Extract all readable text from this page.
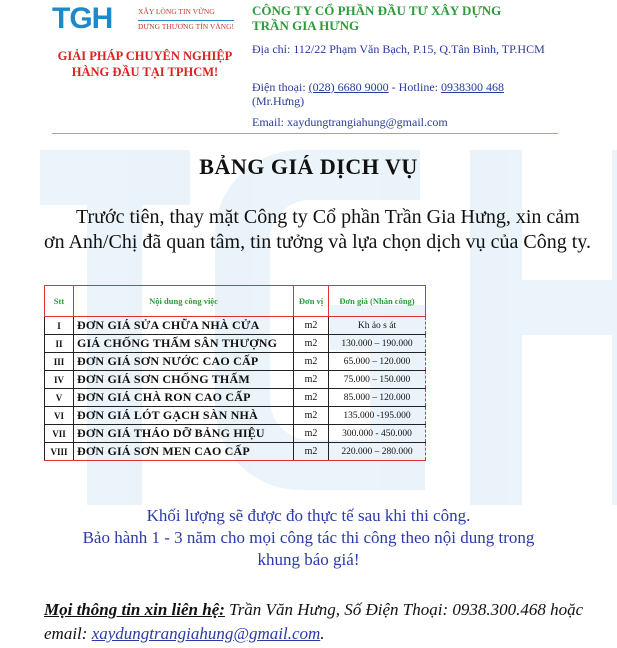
TGH	XÂY LÒNG TIN VỮNG
DỰNG THƯƠNG TÍN VÀNG!
GIẢI PHÁP CHUYÊN NGHIỆP
HÀNG ĐẦU TẠI TPHCM!
CÔNG TY CỔ PHẦN ĐẦU TƯ XÂY DỰNG
TRẦN GIA HƯNG
Địa chỉ: 112/22 Phạm Văn Bạch, P.15, Q.Tân Bình, TP.HCM
Điện thoại: (028) 6680 9000 - Hotline: 0938300 468 (Mr.Hưng)
Email: xaydungtrangiahung@gmail.com
BẢNG GIÁ DỊCH VỤ
Trước tiên, thay mặt Công ty Cổ phần Trần Gia Hưng, xin cảm ơn Anh/Chị đã quan tâm, tin tưởng và lựa chọn dịch vụ của Công ty.
Stt	Nội dung công việc	Đơn vị	Đơn giá (Nhân công)
I	ĐƠN GIÁ SỬA CHỮA NHÀ CỬA	m2	Kh ảo s át
II	GIÁ CHỐNG THẤM SÂN THƯỢNG	m2	130.000 – 190.000
III	ĐƠN GIÁ SƠN NƯỚC CAO CẤP	m2	65.000 – 120.000
IV	ĐƠN GIÁ SƠN CHỐNG THẤM	m2	75.000 – 150.000
V	ĐƠN GIÁ CHÀ RON CAO CẤP	m2	85.000 – 120.000
VI	ĐƠN GIÁ LÓT GẠCH SÀN NHÀ	m2	135.000 -195.000
VII	ĐƠN GIÁ THÁO DỠ BẢNG HIỆU	m2	300.000 - 450.000
VIII	ĐƠN GIÁ SƠN MEN CAO CẤP	m2	220.000 – 280.000
Khối lượng sẽ được đo thực tế sau khi thi công.
Bảo hành 1 - 3 năm cho mọi công tác thi công theo nội dung trong
khung báo giá!
Mọi thông tin xin liên hệ: Trần Văn Hưng, Số Điện Thoại: 0938.300.468 hoặc email: xaydungtrangiahung@gmail.com.
